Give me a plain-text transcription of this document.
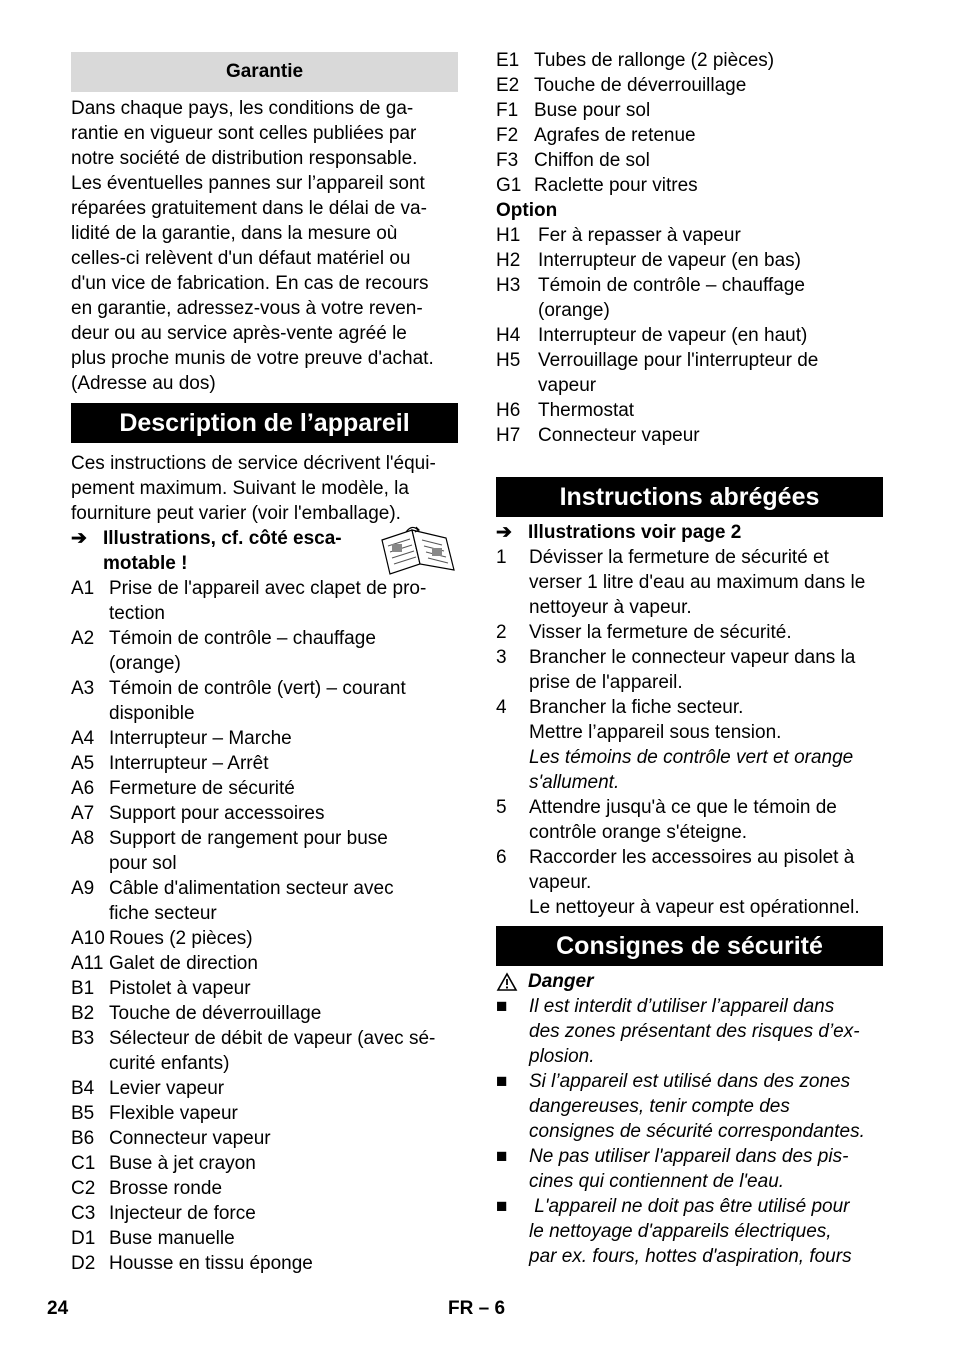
Garantie
Dans chaque pays, les conditions de ga-
rantie en vigueur sont celles publiées par
notre société de distribution responsable.
Les éventuelles pannes sur l’appareil sont
réparées gratuitement dans le délai de va-
lidité de la garantie, dans la mesure où
celles-ci relèvent d'un défaut matériel ou
d'un vice de fabrication. En cas de recours
en garantie, adressez-vous à votre reven-
deur ou au service après-vente agréé le
plus proche munis de votre preuve d'achat.
(Adresse au dos)
Description de l’appareil
Ces instructions de service décrivent l'équi-
pement maximum. Suivant le modèle, la
fourniture peut varier (voir l'emballage).
➔ Illustrations, cf. côté esca-
motable !
A1 Prise de l'appareil avec clapet de pro-
tection
A2 Témoin de contrôle – chauffage
(orange)
A3 Témoin de contrôle (vert) – courant
disponible
A4 Interrupteur – Marche
A5 Interrupteur – Arrêt
A6 Fermeture de sécurité
A7 Support pour accessoires
A8 Support de rangement pour buse
pour sol
A9 Câble d'alimentation secteur avec
fiche secteur
A10 Roues (2 pièces)
A11 Galet de direction
B1 Pistolet à vapeur
B2 Touche de déverrouillage
B3 Sélecteur de débit de vapeur (avec sé-
curité enfants)
B4 Levier vapeur
B5 Flexible vapeur
B6 Connecteur vapeur
C1 Buse à jet crayon
C2 Brosse ronde
C3 Injecteur de force
D1 Buse manuelle
D2 Housse en tissu éponge
E1 Tubes de rallonge (2 pièces)
E2 Touche de déverrouillage
F1 Buse pour sol
F2 Agrafes de retenue
F3 Chiffon de sol
G1 Raclette pour vitres
Option
H1 Fer à repasser à vapeur
H2 Interrupteur de vapeur (en bas)
H3 Témoin de contrôle – chauffage
(orange)
H4 Interrupteur de vapeur (en haut)
H5 Verrouillage pour l'interrupteur de
vapeur
H6 Thermostat
H7 Connecteur vapeur
Instructions abrégées
➔ Illustrations voir page 2
1	Dévisser la fermeture de sécurité et
verser 1 litre d'eau au maximum dans le
nettoyeur à vapeur.
2	Visser la fermeture de sécurité.
3	Brancher le connecteur vapeur dans la
prise de l'appareil.
4	Brancher la fiche secteur.
Mettre l’appareil sous tension.
Les témoins de contrôle vert et orange
s'allument.
5	Attendre jusqu'à ce que le témoin de
contrôle orange s'éteigne.
6	Raccorder les accessoires au pisolet à
vapeur.
Le nettoyeur à vapeur est opérationnel.
Consignes de sécurité
Danger
■	Il est interdit d’utiliser l’appareil dans
des zones présentant des risques d’ex-
plosion.
■	Si l’appareil est utilisé dans des zones
dangereuses, tenir compte des
consignes de sécurité correspondantes.
■	Ne pas utiliser l'appareil dans des pis-
cines qui contiennent de l'eau.
■	L'appareil ne doit pas être utilisé pour
le nettoyage d'appareils électriques,
par ex. fours, hottes d'aspiration, fours
24	FR – 6
